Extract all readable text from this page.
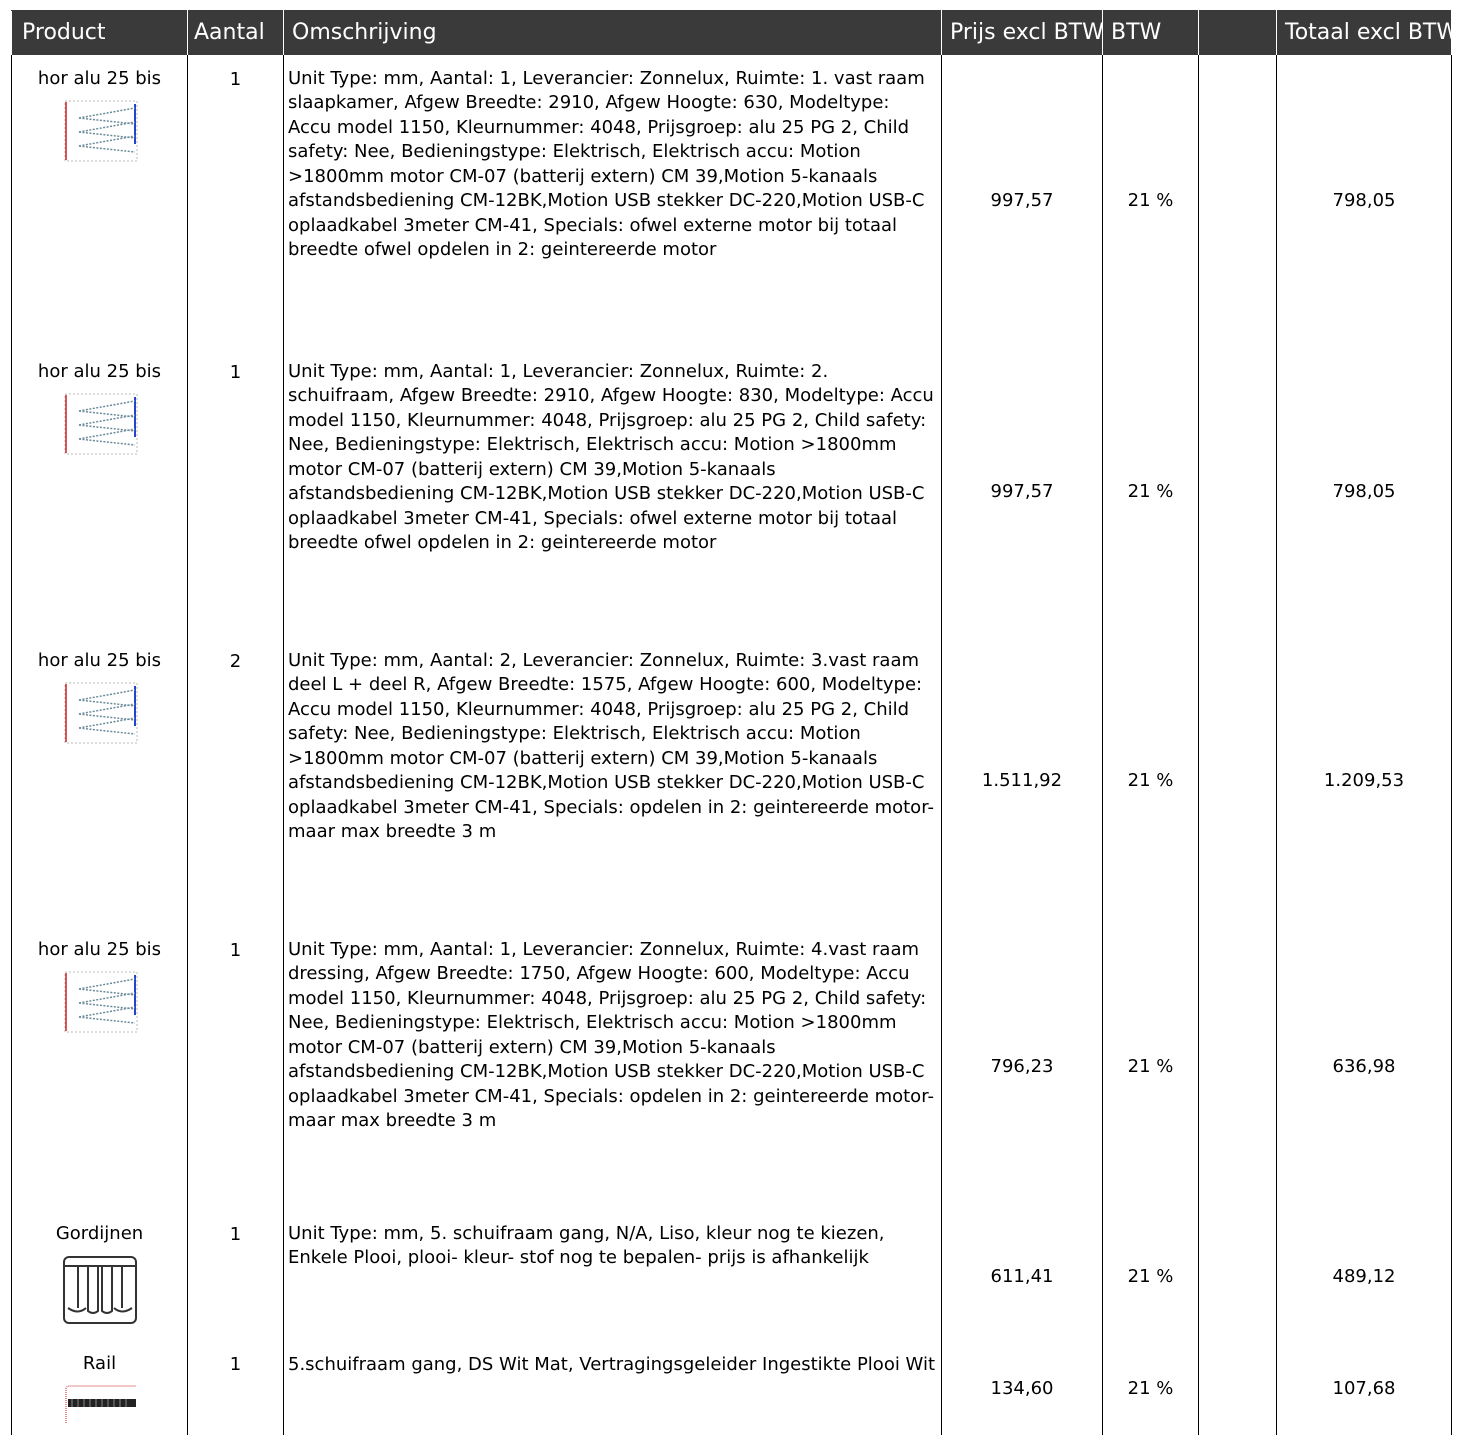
Product	Aantal	Omschrijving	Prijs excl BTW	BTW		Totaal excl BTW

hor alu 25 bis	1	Unit Type: mm, Aantal: 1, Leverancier: Zonnelux, Ruimte: 1. vast raam slaapkamer, Afgew Breedte: 2910, Afgew Hoogte: 630, Modeltype: Accu model 1150, Kleurnummer: 4048, Prijsgroep: alu 25 PG 2, Child safety: Nee, Bedieningstype: Elektrisch, Elektrisch accu: Motion >1800mm motor CM-07 (batterij extern) CM 39,Motion 5-kanaals afstandsbediening CM-12BK,Motion USB stekker DC-220,Motion USB-C oplaadkabel 3meter CM-41, Specials: ofwel externe motor bij totaal breedte ofwel opdelen in 2: geintereerde motor	997,57	21 %		798,05

hor alu 25 bis	1	Unit Type: mm, Aantal: 1, Leverancier: Zonnelux, Ruimte: 2. schuifraam, Afgew Breedte: 2910, Afgew Hoogte: 830, Modeltype: Accu model 1150, Kleurnummer: 4048, Prijsgroep: alu 25 PG 2, Child safety: Nee, Bedieningstype: Elektrisch, Elektrisch accu: Motion >1800mm motor CM-07 (batterij extern) CM 39,Motion 5-kanaals afstandsbediening CM-12BK,Motion USB stekker DC-220,Motion USB-C oplaadkabel 3meter CM-41, Specials: ofwel externe motor bij totaal breedte ofwel opdelen in 2: geintereerde motor	997,57	21 %		798,05

hor alu 25 bis	2	Unit Type: mm, Aantal: 2, Leverancier: Zonnelux, Ruimte: 3.vast raam deel L + deel R, Afgew Breedte: 1575, Afgew Hoogte: 600, Modeltype: Accu model 1150, Kleurnummer: 4048, Prijsgroep: alu 25 PG 2, Child safety: Nee, Bedieningstype: Elektrisch, Elektrisch accu: Motion >1800mm motor CM-07 (batterij extern) CM 39,Motion 5-kanaals afstandsbediening CM-12BK,Motion USB stekker DC-220,Motion USB-C oplaadkabel 3meter CM-41, Specials: opdelen in 2: geintereerde motor- maar max breedte 3 m	1.511,92	21 %		1.209,53

hor alu 25 bis	1	Unit Type: mm, Aantal: 1, Leverancier: Zonnelux, Ruimte: 4.vast raam dressing, Afgew Breedte: 1750, Afgew Hoogte: 600, Modeltype: Accu model 1150, Kleurnummer: 4048, Prijsgroep: alu 25 PG 2, Child safety: Nee, Bedieningstype: Elektrisch, Elektrisch accu: Motion >1800mm motor CM-07 (batterij extern) CM 39,Motion 5-kanaals afstandsbediening CM-12BK,Motion USB stekker DC-220,Motion USB-C oplaadkabel 3meter CM-41, Specials: opdelen in 2: geintereerde motor- maar max breedte 3 m	796,23	21 %		636,98

Gordijnen	1	Unit Type: mm, 5. schuifraam gang, N/A, Liso, kleur nog te kiezen, Enkele Plooi, plooi- kleur- stof nog te bepalen- prijs is afhankelijk	611,41	21 %		489,12

Rail	1	5.schuifraam gang, DS Wit Mat, Vertragingsgeleider Ingestikte Plooi Wit	134,60	21 %		107,68
